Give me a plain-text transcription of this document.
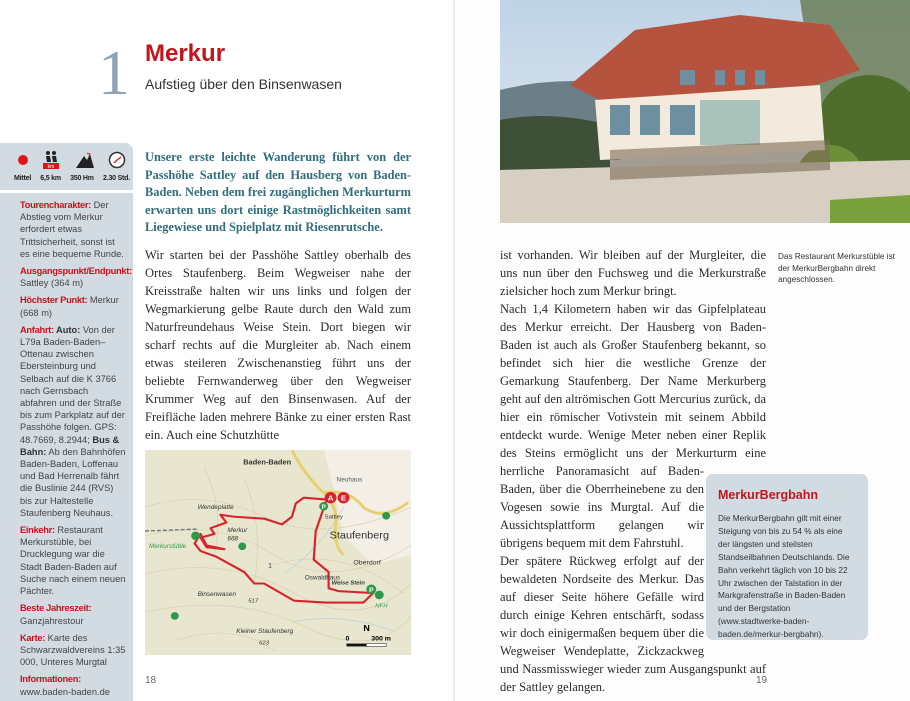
1 Merkur
Aufstieg über den Binsenwasen
km
Mittel 6,5 km 350 Hm 2.30 Std.

Tourencharakter: Der Abstieg vom Merkur erfordert etwas Trittsicherheit, sonst ist es eine bequeme Runde.

Ausgangspunkt/Endpunkt: Sattley (364 m)

Höchster Punkt: Merkur (668 m)

Anfahrt: Auto: Von der L79a Baden-Baden–Ottenau zwischen Ebersteinburg und Selbach auf die K 3766 nach Gernsbach abfahren und der Straße bis zum Parkplatz auf der Passhöhe folgen. GPS: 48.7669, 8.2944; Bus & Bahn: Ab den Bahnhöfen Baden-Baden, Loffenau und Bad Herrenalb fährt die Buslinie 244 (RVS) bis zur Haltestelle Staufenberg Neuhaus.

Einkehr: Restaurant Merkurstüble, bei Drucklegung war die Stadt Baden-Baden auf Suche nach einem neuen Pächter.

Beste Jahreszeit: Ganzjahrestour

Karte: Karte des Schwarzwaldvereins 1:35 000, Unteres Murgtal

Informationen: www.baden-baden.de

Unsere erste leichte Wanderung führt von der Passhöhe Sattley auf den Hausberg von Baden-Baden. Neben dem frei zugänglichen Merkurturm erwarten uns dort einige Rastmöglichkeiten samt Liegewiese und Spielplatz mit Riesenrutsche.
Wir starten bei der Passhöhe Sattley oberhalb des Ortes Staufenberg. Beim Wegweiser nahe der Kreisstraße halten wir uns links und folgen der Wegmarkierung gelbe Raute durch den Wald zum Naturfreundehaus Weise Stein. Dort biegen wir scharf rechts auf die Murgleiter ab. Nach einem etwas steileren Zwischenanstieg führt uns der beliebte Fernwanderweg über den Wegweiser Krummer Weg auf den Binsenwasen. Auf der Freifläche laden mehrere Bänke zu einer ersten Rast ein. Auch eine Schutzhütte
A E
P
P
Baden-Baden
Neuhaus
Wendeplatte
Merkur
668
Merkurstüble
Sattley
Staufenberg
Oberdorf
Oswaldhaus
Binsenwasen
517
Weise Stein
NFH
Kleiner Staufenberg
623
1
N
0	300 m
18

ist vorhanden. Wir bleiben auf der Murgleiter, die uns nun über den Fuchsweg und die Merkurstraße zielsicher hoch zum Merkur bringt.

Nach 1,4 Kilometern haben wir das Gipfelplateau des Merkur erreicht. Der Hausberg von Baden-Baden ist auch als Großer Staufenberg bekannt, so befindet sich hier die westliche Grenze der Gemarkung Staufenberg. Der Name Merkurberg geht auf den altrömischen Gott Mercurius zurück, da hier ein römischer Votivstein mit seinem Abbild entdeckt wurde. Wenige Meter neben einer Replik des Steins ermöglicht uns der Merkurturm eine herrliche Panoramasicht auf Baden-Baden, über die Oberrheinebene zu den Vogesen sowie ins Murgtal. Auf die Aussichtsplattform gelangen wir übrigens bequem mit dem Fahrstuhl.

Der spätere Rückweg erfolgt auf der bewaldeten Nordseite des Merkur. Das auf dieser Seite höhere Gefälle wird durch einige Kehren entschärft, sodass wir doch einigermaßen bequem über die Wegweiser Wendeplatte, Zickzackweg und Nassmisswieger wieder zum Ausgangspunkt auf der Sattley gelangen.

Das Restaurant Merkurstüble ist der MerkurBergbahn direkt angeschlossen.
MerkurBergbahn

Die MerkurBergbahn gilt mit einer Steigung von bis zu 54 % als eine der längsten und steilsten Standseilbahnen Deutschlands. Die Bahn verkehrt täglich von 10 bis 22 Uhr zwischen der Talstation in der Markgrafenstraße in Baden-Baden und der Bergstation (www.stadtwerke-baden-baden.de/merkur-bergbahn).

19
